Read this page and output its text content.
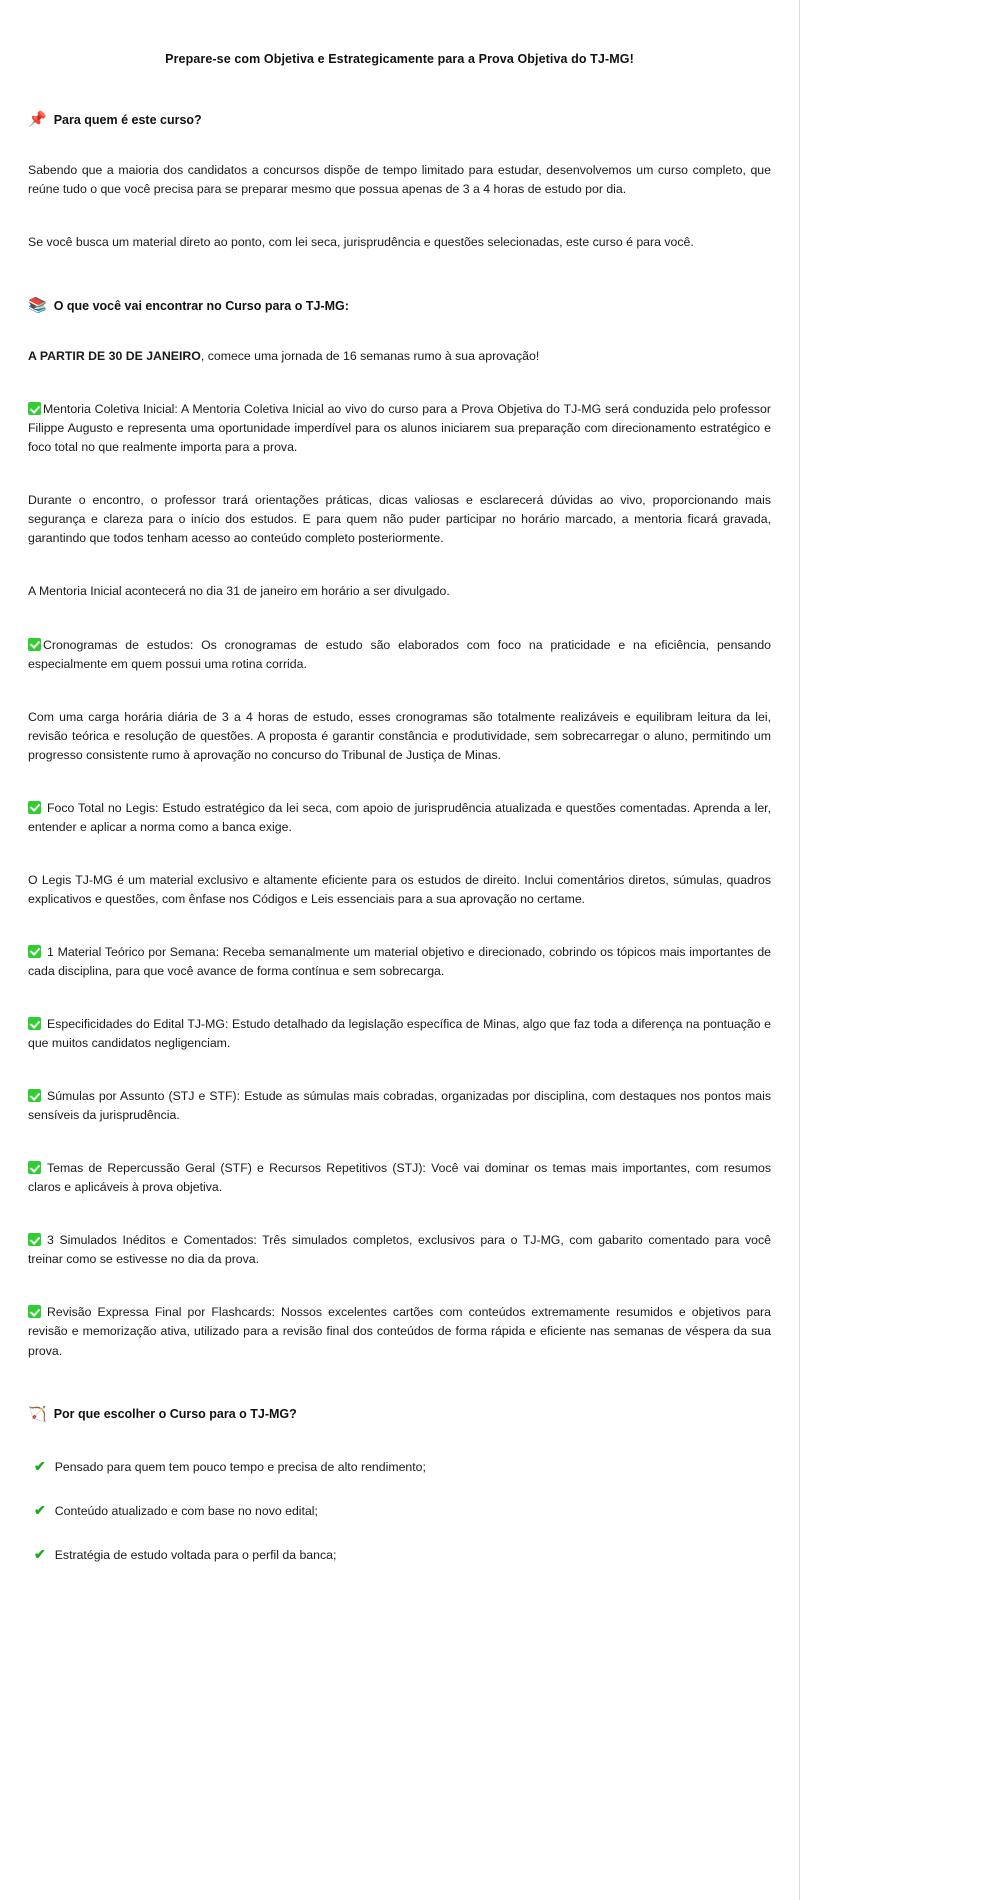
Prepare-se com Objetiva e Estrategicamente para a Prova Objetiva do TJ-MG!
📌 Para quem é este curso?

Sabendo que a maioria dos candidatos a concursos dispõe de tempo limitado para estudar, desenvolvemos um curso completo, que reúne tudo o que você precisa para se preparar mesmo que possua apenas de 3 a 4 horas de estudo por dia.

Se você busca um material direto ao ponto, com lei seca, jurisprudência e questões selecionadas, este curso é para você.

📚 O que você vai encontrar no Curso para o TJ-MG:

A PARTIR DE 30 DE JANEIRO, comece uma jornada de 16 semanas rumo à sua aprovação!

Mentoria Coletiva Inicial: A Mentoria Coletiva Inicial ao vivo do curso para a Prova Objetiva do TJ-MG será conduzida pelo professor Filippe Augusto e representa uma oportunidade imperdível para os alunos iniciarem sua preparação com direcionamento estratégico e foco total no que realmente importa para a prova.

Durante o encontro, o professor trará orientações práticas, dicas valiosas e esclarecerá dúvidas ao vivo, proporcionando mais segurança e clareza para o início dos estudos. E para quem não puder participar no horário marcado, a mentoria ficará gravada, garantindo que todos tenham acesso ao conteúdo completo posteriormente.

A Mentoria Inicial acontecerá no dia 31 de janeiro em horário a ser divulgado.

Cronogramas de estudos: Os cronogramas de estudo são elaborados com foco na praticidade e na eficiência, pensando especialmente em quem possui uma rotina corrida.

Com uma carga horária diária de 3 a 4 horas de estudo, esses cronogramas são totalmente realizáveis e equilibram leitura da lei, revisão teórica e resolução de questões. A proposta é garantir constância e produtividade, sem sobrecarregar o aluno, permitindo um progresso consistente rumo à aprovação no concurso do Tribunal de Justiça de Minas.

Foco Total no Legis: Estudo estratégico da lei seca, com apoio de jurisprudência atualizada e questões comentadas. Aprenda a ler, entender e aplicar a norma como a banca exige.

O Legis TJ-MG é um material exclusivo e altamente eficiente para os estudos de direito. Inclui comentários diretos, súmulas, quadros explicativos e questões, com ênfase nos Códigos e Leis essenciais para a sua aprovação no certame.

1 Material Teórico por Semana: Receba semanalmente um material objetivo e direcionado, cobrindo os tópicos mais importantes de cada disciplina, para que você avance de forma contínua e sem sobrecarga.

Especificidades do Edital TJ-MG: Estudo detalhado da legislação específica de Minas, algo que faz toda a diferença na pontuação e que muitos candidatos negligenciam.

Súmulas por Assunto (STJ e STF): Estude as súmulas mais cobradas, organizadas por disciplina, com destaques nos pontos mais sensíveis da jurisprudência.

Temas de Repercussão Geral (STF) e Recursos Repetitivos (STJ): Você vai dominar os temas mais importantes, com resumos claros e aplicáveis à prova objetiva.

3 Simulados Inéditos e Comentados: Três simulados completos, exclusivos para o TJ-MG, com gabarito comentado para você treinar como se estivesse no dia da prova.

Revisão Expressa Final por Flashcards: Nossos excelentes cartões com conteúdos extremamente resumidos e objetivos para revisão e memorização ativa, utilizado para a revisão final dos conteúdos de forma rápida e eficiente nas semanas de véspera da sua prova.

🏹 Por que escolher o Curso para o TJ-MG?
✔ Pensado para quem tem pouco tempo e precisa de alto rendimento;
✔ Conteúdo atualizado e com base no novo edital;
✔ Estratégia de estudo voltada para o perfil da banca;
